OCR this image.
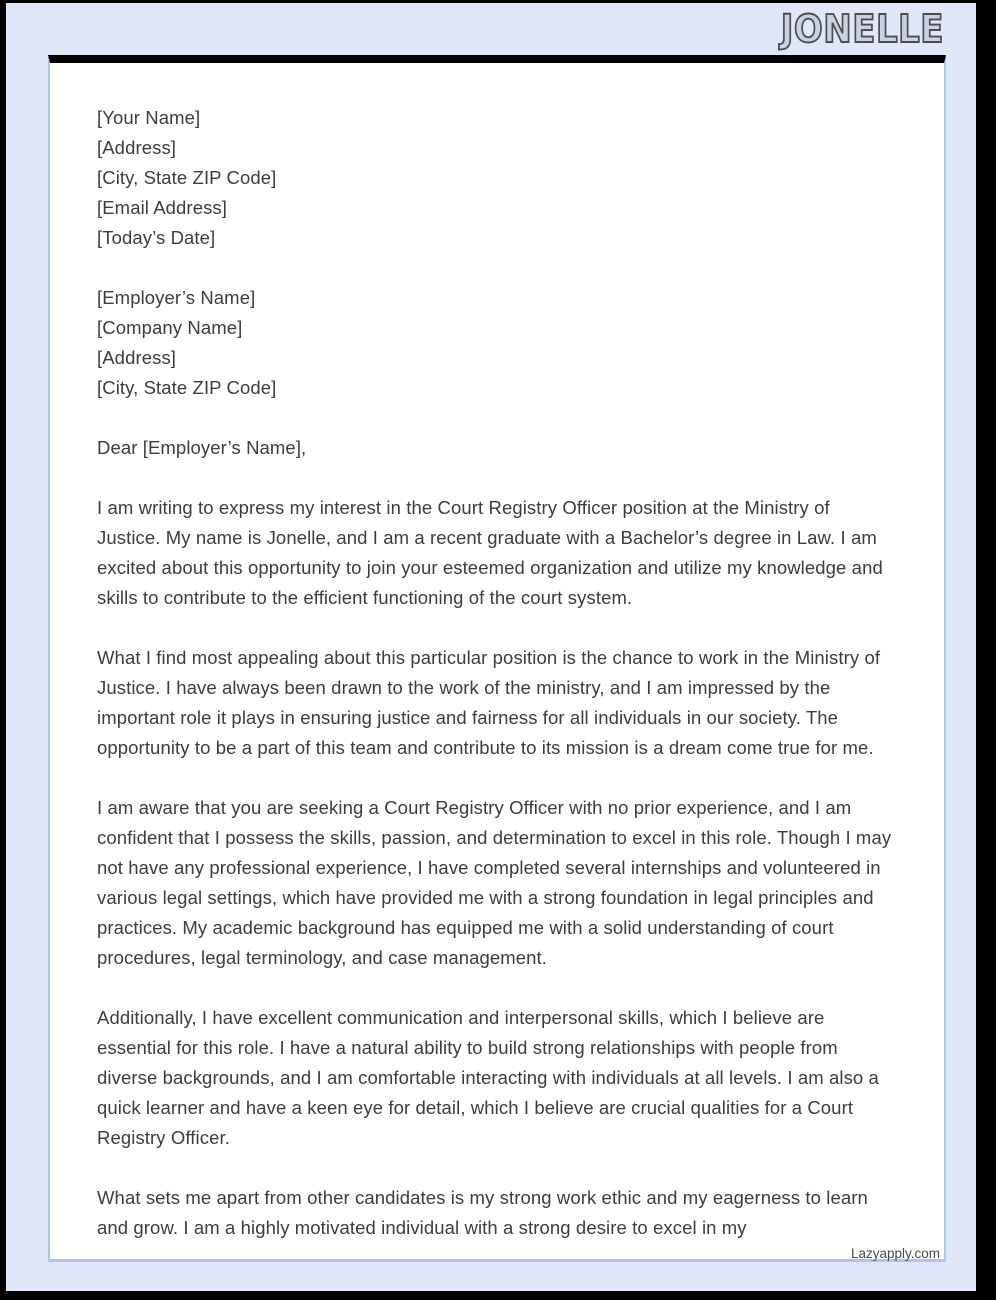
JONELLE
[Your Name]
[Address]
[City, State ZIP Code]
[Email Address]
[Today’s Date]
[Employer’s Name]
[Company Name]
[Address]
[City, State ZIP Code]
Dear [Employer’s Name],
I am writing to express my interest in the Court Registry Officer position at the Ministry of Justice. My name is Jonelle, and I am a recent graduate with a Bachelor’s degree in Law. I am excited about this opportunity to join your esteemed organization and utilize my knowledge and skills to contribute to the efficient functioning of the court system.
What I find most appealing about this particular position is the chance to work in the Ministry of Justice. I have always been drawn to the work of the ministry, and I am impressed by the important role it plays in ensuring justice and fairness for all individuals in our society. The opportunity to be a part of this team and contribute to its mission is a dream come true for me.
I am aware that you are seeking a Court Registry Officer with no prior experience, and I am confident that I possess the skills, passion, and determination to excel in this role. Though I may not have any professional experience, I have completed several internships and volunteered in various legal settings, which have provided me with a strong foundation in legal principles and practices. My academic background has equipped me with a solid understanding of court procedures, legal terminology, and case management.
Additionally, I have excellent communication and interpersonal skills, which I believe are essential for this role. I have a natural ability to build strong relationships with people from diverse backgrounds, and I am comfortable interacting with individuals at all levels. I am also a quick learner and have a keen eye for detail, which I believe are crucial qualities for a Court Registry Officer.
What sets me apart from other candidates is my strong work ethic and my eagerness to learn and grow. I am a highly motivated individual with a strong desire to excel in my
Lazyapply.com
